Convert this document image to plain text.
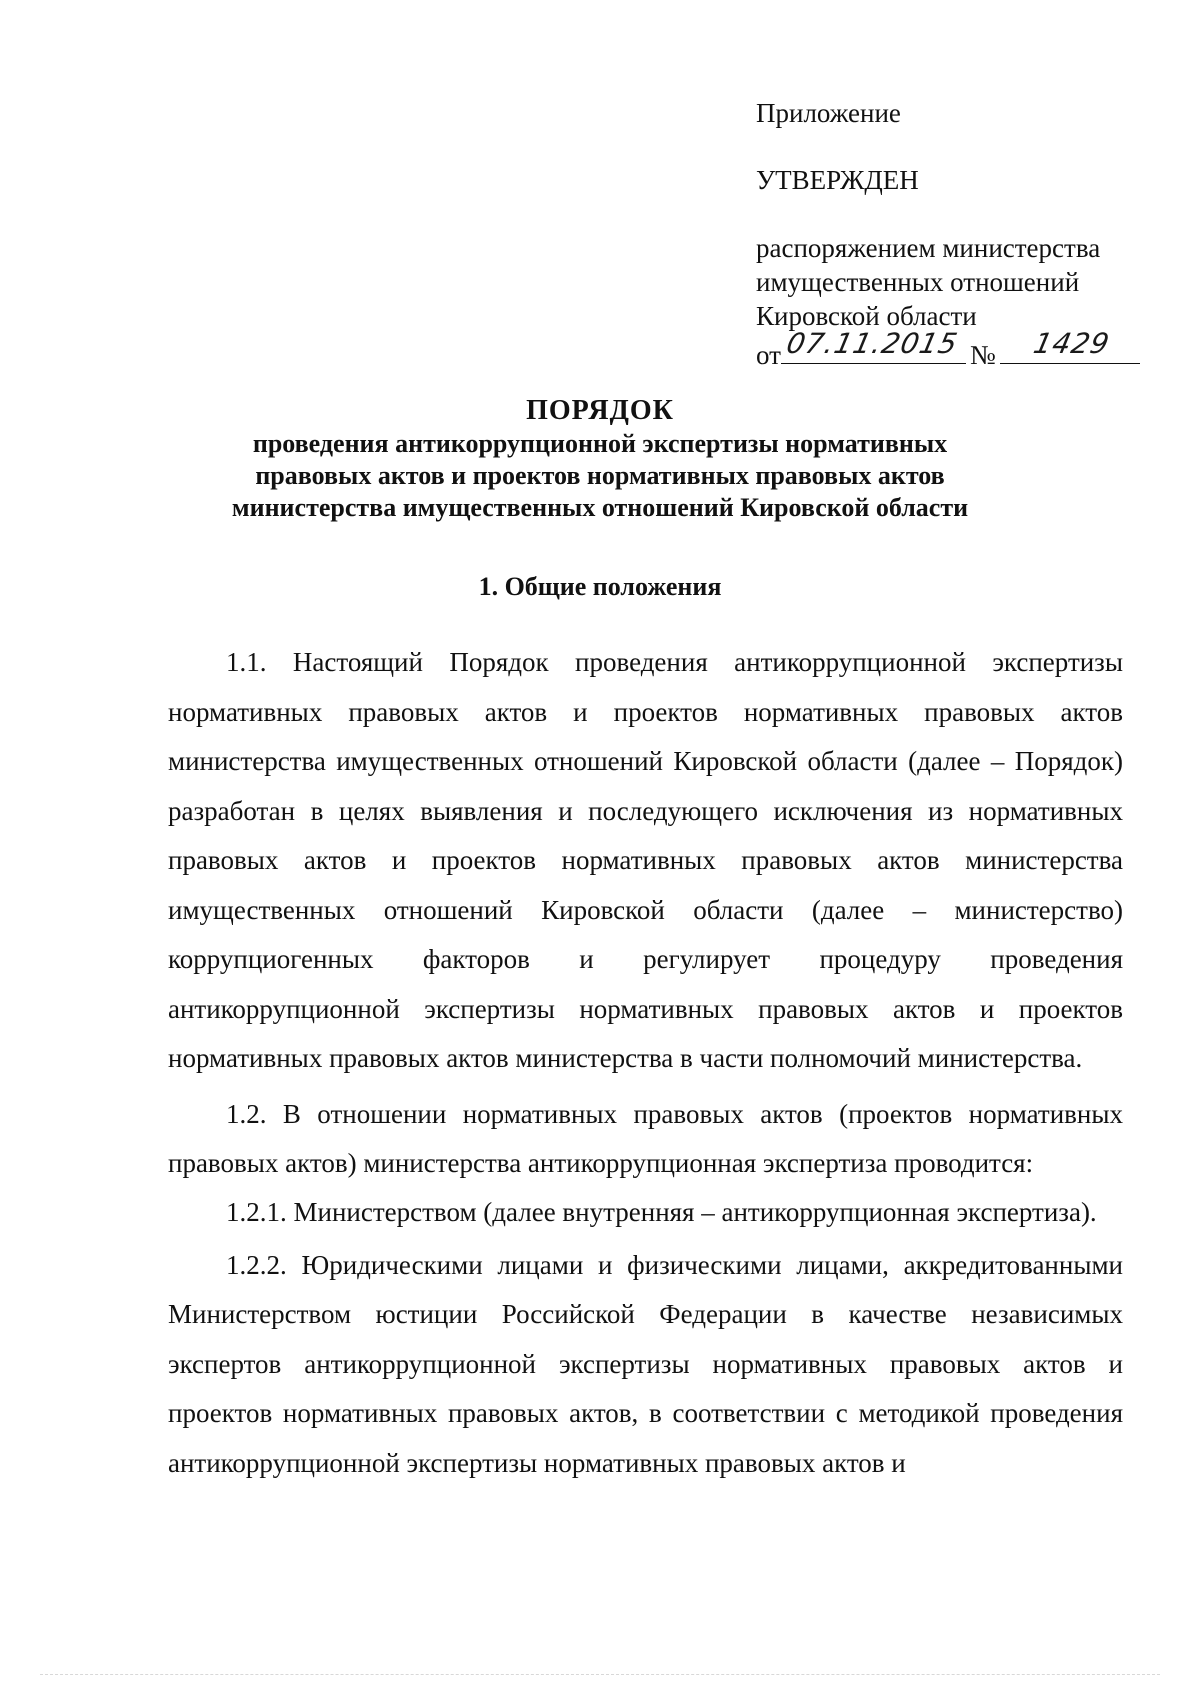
Приложение
УТВЕРЖДЕН
распоряжением министерства
имущественных отношений
Кировской области
от 07.11.2015 № 1429
ПОРЯДОК
проведения антикоррупционной экспертизы нормативных
правовых актов и проектов нормативных правовых актов
министерства имущественных отношений Кировской области
1. Общие положения

1.1. Настоящий Порядок проведения антикоррупционной экспертизы нормативных правовых актов и проектов нормативных правовых актов министерства имущественных отношений Кировской области (далее – Порядок) разработан в целях выявления и последующего исключения из нормативных правовых актов и проектов нормативных правовых актов министерства имущественных отношений Кировской области (далее – министерство) коррупциогенных факторов и регулирует процедуру проведения антикоррупционной экспертизы нормативных правовых актов и проектов нормативных правовых актов министерства в части полномочий министерства.

1.2. В отношении нормативных правовых актов (проектов нормативных правовых актов) министерства антикоррупционная экспертиза проводится:

1.2.1. Министерством (далее внутренняя – антикоррупционная экспертиза).

1.2.2. Юридическими лицами и физическими лицами, аккредитованными Министерством юстиции Российской Федерации в качестве независимых экспертов антикоррупционной экспертизы нормативных правовых актов и проектов нормативных правовых актов, в соответствии с методикой проведения антикоррупционной экспертизы нормативных правовых актов и
